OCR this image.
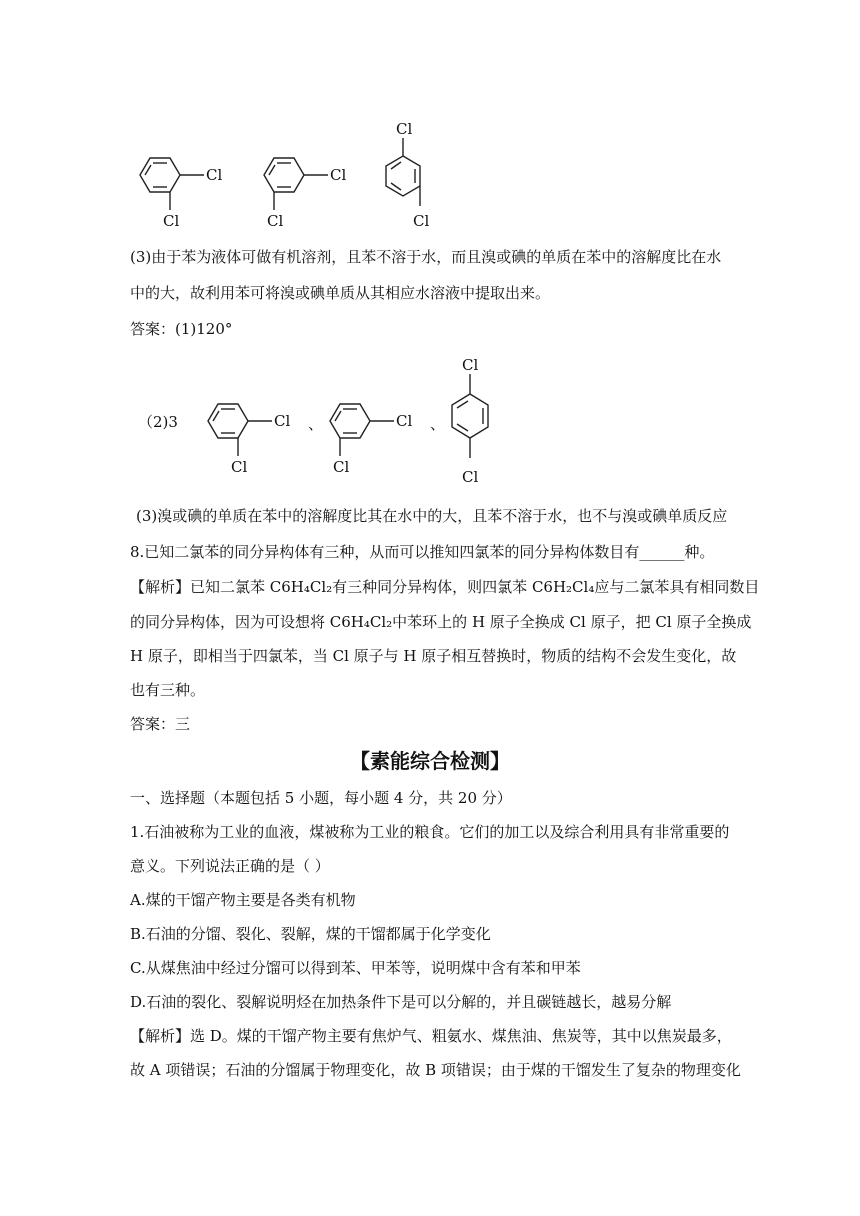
Cl
Cl
Cl
Cl
Cl
Cl
(3)由于苯为液体可做有机溶剂，且苯不溶于水，而且溴或碘的单质在苯中的溶解度比在水
中的大，故利用苯可将溴或碘单质从其相应水溶液中提取出来。
答案：(1)120°
（2)3	Cl
Cl
、	Cl
Cl
、
Cl
Cl
(3)溴或碘的单质在苯中的溶解度比其在水中的大，且苯不溶于水，也不与溴或碘单质反应
8.已知二氯苯的同分异构体有三种，从而可以推知四氯苯的同分异构体数目有______种。
【解析】已知二氯苯 C6H₄Cl₂有三种同分异构体，则四氯苯 C6H₂Cl₄应与二氯苯具有相同数目
的同分异构体，因为可设想将 C6H₄Cl₂中苯环上的 H 原子全换成 Cl 原子，把 Cl 原子全换成
H 原子，即相当于四氯苯，当 Cl 原子与 H 原子相互替换时，物质的结构不会发生变化，故
也有三种。
答案：三
【素能综合检测】
一、选择题（本题包括 5 小题，每小题 4 分，共 20 分）
1.石油被称为工业的血液，煤被称为工业的粮食。它们的加工以及综合利用具有非常重要的
意义。下列说法正确的是（ ）
A.煤的干馏产物主要是各类有机物
B.石油的分馏、裂化、裂解，煤的干馏都属于化学变化
C.从煤焦油中经过分馏可以得到苯、甲苯等，说明煤中含有苯和甲苯
D.石油的裂化、裂解说明烃在加热条件下是可以分解的，并且碳链越长，越易分解
【解析】选 D。煤的干馏产物主要有焦炉气、粗氨水、煤焦油、焦炭等，其中以焦炭最多，
故 A 项错误；石油的分馏属于物理变化，故 B 项错误；由于煤的干馏发生了复杂的物理变化
